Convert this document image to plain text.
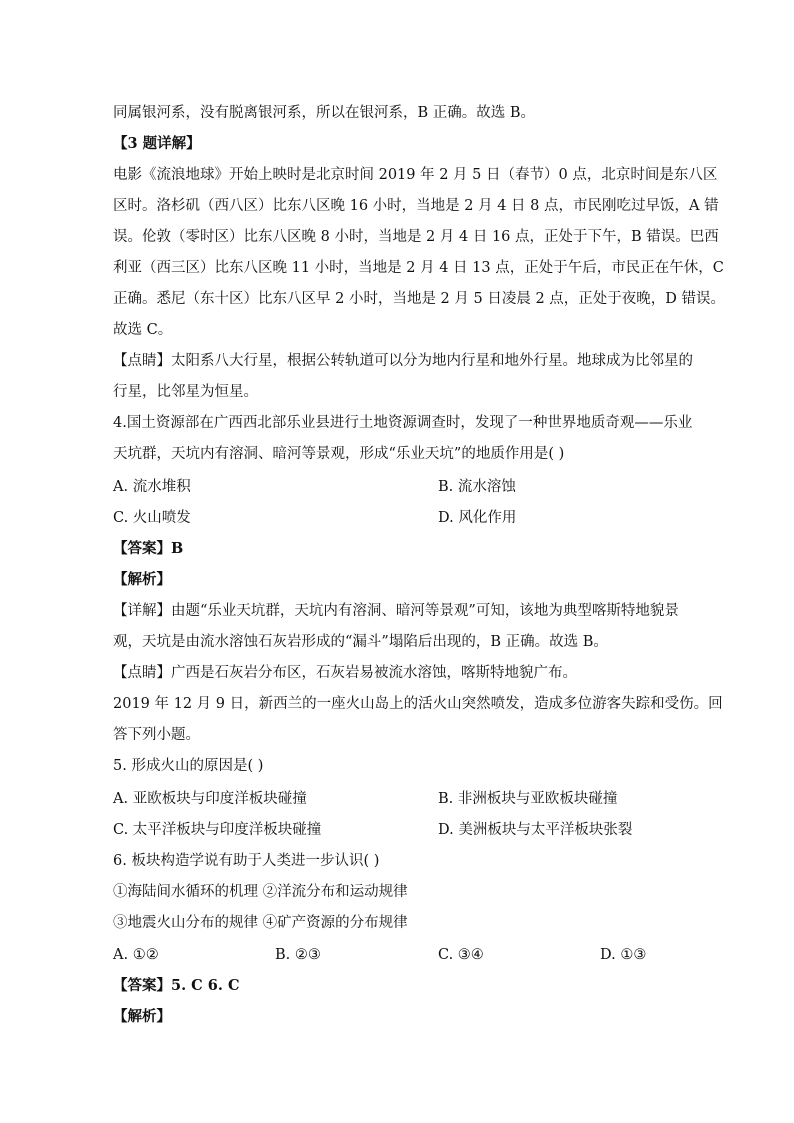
同属银河系，没有脱离银河系，所以在银河系，B 正确。故选 B。
【3 题详解】
电影《流浪地球》开始上映时是北京时间 2019 年 2 月 5 日（春节）0 点，北京时间是东八区
区时。洛杉矶（西八区）比东八区晚 16 小时，当地是 2 月 4 日 8 点，市民刚吃过早饭，A 错
误。伦敦（零时区）比东八区晚 8 小时，当地是 2 月 4 日 16 点，正处于下午，B 错误。巴西
利亚（西三区）比东八区晚 11 小时，当地是 2 月 4 日 13 点，正处于午后，市民正在午休，C
正确。悉尼（东十区）比东八区早 2 小时，当地是 2 月 5 日凌晨 2 点，正处于夜晚，D 错误。
故选 C。
【点睛】太阳系八大行星，根据公转轨道可以分为地内行星和地外行星。地球成为比邻星的
行星，比邻星为恒星。
4.国土资源部在广西西北部乐业县进行土地资源调查时，发现了一种世界地质奇观——乐业
天坑群，天坑内有溶洞、暗河等景观，形成“乐业天坑”的地质作用是( )
A. 流水堆积	B. 流水溶蚀
C. 火山喷发	D. 风化作用
【答案】B
【解析】
【详解】由题“乐业天坑群，天坑内有溶洞、暗河等景观”可知，该地为典型喀斯特地貌景
观，天坑是由流水溶蚀石灰岩形成的“漏斗”塌陷后出现的，B 正确。故选 B。
【点睛】广西是石灰岩分布区，石灰岩易被流水溶蚀，喀斯特地貌广布。
2019 年 12 月 9 日，新西兰的一座火山岛上的活火山突然喷发，造成多位游客失踪和受伤。回
答下列小题。
5. 形成火山的原因是( )
A. 亚欧板块与印度洋板块碰撞	B. 非洲板块与亚欧板块碰撞
C. 太平洋板块与印度洋板块碰撞	D. 美洲板块与太平洋板块张裂
6. 板块构造学说有助于人类进一步认识( )
①海陆间水循环的机理 ②洋流分布和运动规律
③地震火山分布的规律 ④矿产资源的分布规律
A. ①②	B. ②③	C. ③④	D. ①③
【答案】5. C 6. C
【解析】
